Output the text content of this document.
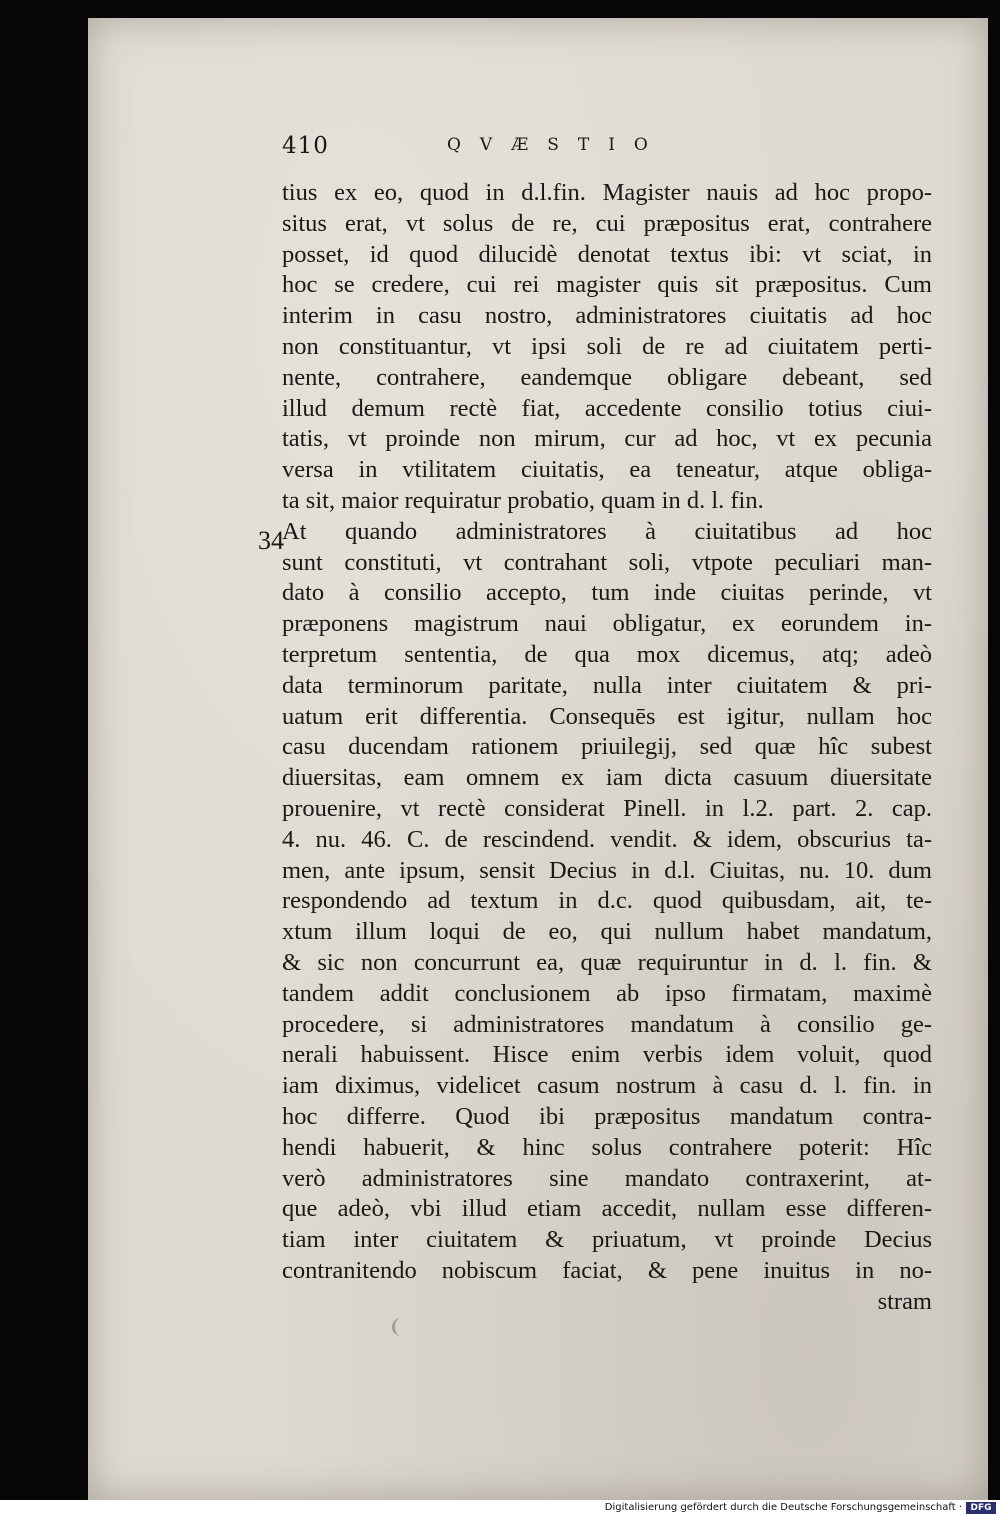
410	QVÆSTIO
34
tius ex eo, quod in d.l.fin. Magister nauis ad hoc propo-
situs erat, vt solus de re, cui præpositus erat, contrahere
posset, id quod dilucidè denotat textus ibi: vt sciat, in
hoc se credere, cui rei magister quis sit præpositus. Cum
interim in casu nostro, administratores ciuitatis ad hoc
non constituantur, vt ipsi soli de re ad ciuitatem perti-
nente, contrahere, eandemque obligare debeant, sed
illud demum rectè fiat, accedente consilio totius ciui-
tatis, vt proinde non mirum, cur ad hoc, vt ex pecunia
versa in vtilitatem ciuitatis, ea teneatur, atque obliga-
ta sit, maior requiratur probatio, quam in d. l. fin.
At quando administratores à ciuitatibus ad hoc
sunt constituti, vt contrahant soli, vtpote peculiari man-
dato à consilio accepto, tum inde ciuitas perinde, vt
præponens magistrum naui obligatur, ex eorundem in-
terpretum sententia, de qua mox dicemus, atq; adeò
data terminorum paritate, nulla inter ciuitatem & pri-
uatum erit differentia. Consequēs est igitur, nullam hoc
casu ducendam rationem priuilegij, sed quæ hîc subest
diuersitas, eam omnem ex iam dicta casuum diuersitate
prouenire, vt rectè considerat Pinell. in l.2. part. 2. cap.
4. nu. 46. C. de rescindend. vendit. & idem, obscurius ta-
men, ante ipsum, sensit Decius in d.l. Ciuitas, nu. 10. dum
respondendo ad textum in d.c. quod quibusdam, ait, te-
xtum illum loqui de eo, qui nullum habet mandatum,
& sic non concurrunt ea, quæ requiruntur in d. l. fin. &
tandem addit conclusionem ab ipso firmatam, maximè
procedere, si administratores mandatum à consilio ge-
nerali habuissent. Hisce enim verbis idem voluit, quod
iam diximus, videlicet casum nostrum à casu d. l. fin. in
hoc differre. Quod ibi præpositus mandatum contra-
hendi habuerit, & hinc solus contrahere poterit: Hîc
verò administratores sine mandato contraxerint, at-
que adeò, vbi illud etiam accedit, nullam esse differen-
tiam inter ciuitatem & priuatum, vt proinde Decius
contranitendo nobiscum faciat, & pene inuitus in no-
stram
Digitalisierung gefördert durch die Deutsche Forschungsgemeinschaft · DFG
